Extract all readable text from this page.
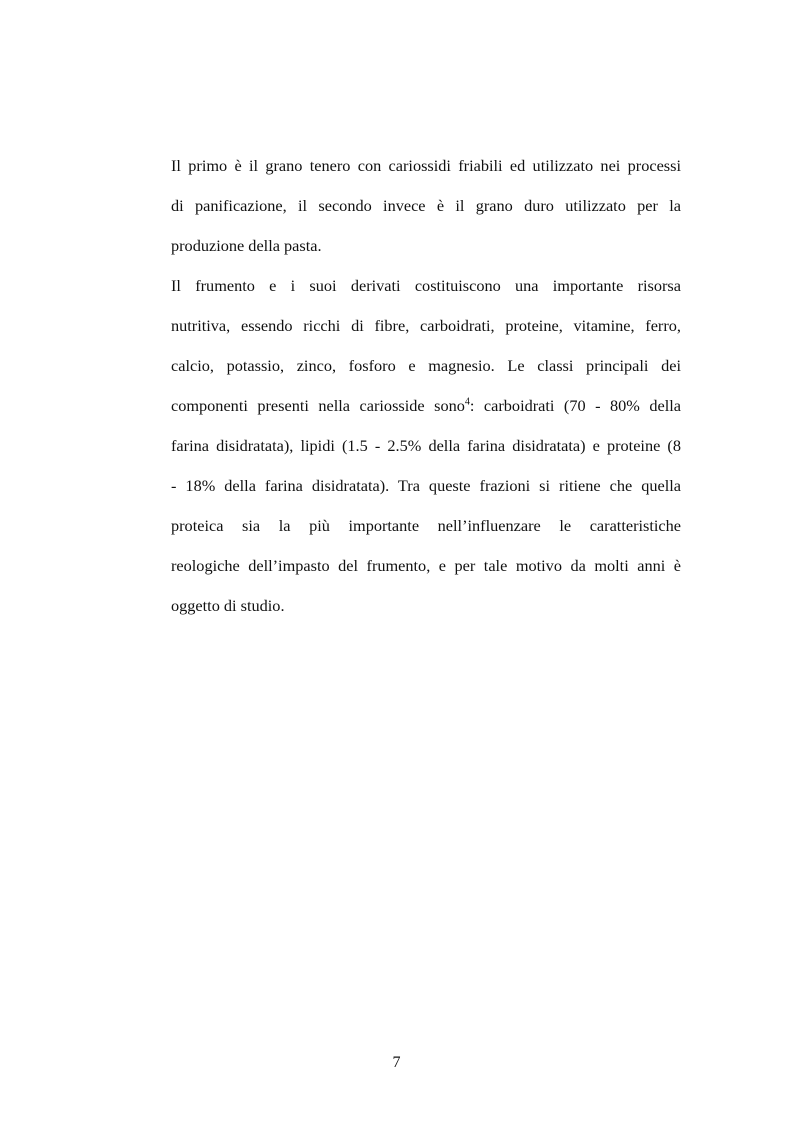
Il primo è il grano tenero con cariossidi friabili ed utilizzato nei processi
di panificazione, il secondo invece è il grano duro utilizzato per la
produzione della pasta.
Il frumento e i suoi derivati costituiscono una importante risorsa
nutritiva, essendo ricchi di fibre, carboidrati, proteine, vitamine, ferro,
calcio, potassio, zinco, fosforo e magnesio. Le classi principali dei
componenti presenti nella cariosside sono$^4$: carboidrati (70 - 80% della
farina disidratata), lipidi (1.5 - 2.5% della farina disidratata) e proteine (8
- 18% della farina disidratata). Tra queste frazioni si ritiene che quella
proteica sia la più importante nell’influenzare le caratteristiche
reologiche dell’impasto del frumento, e per tale motivo da molti anni è
oggetto di studio.
7
